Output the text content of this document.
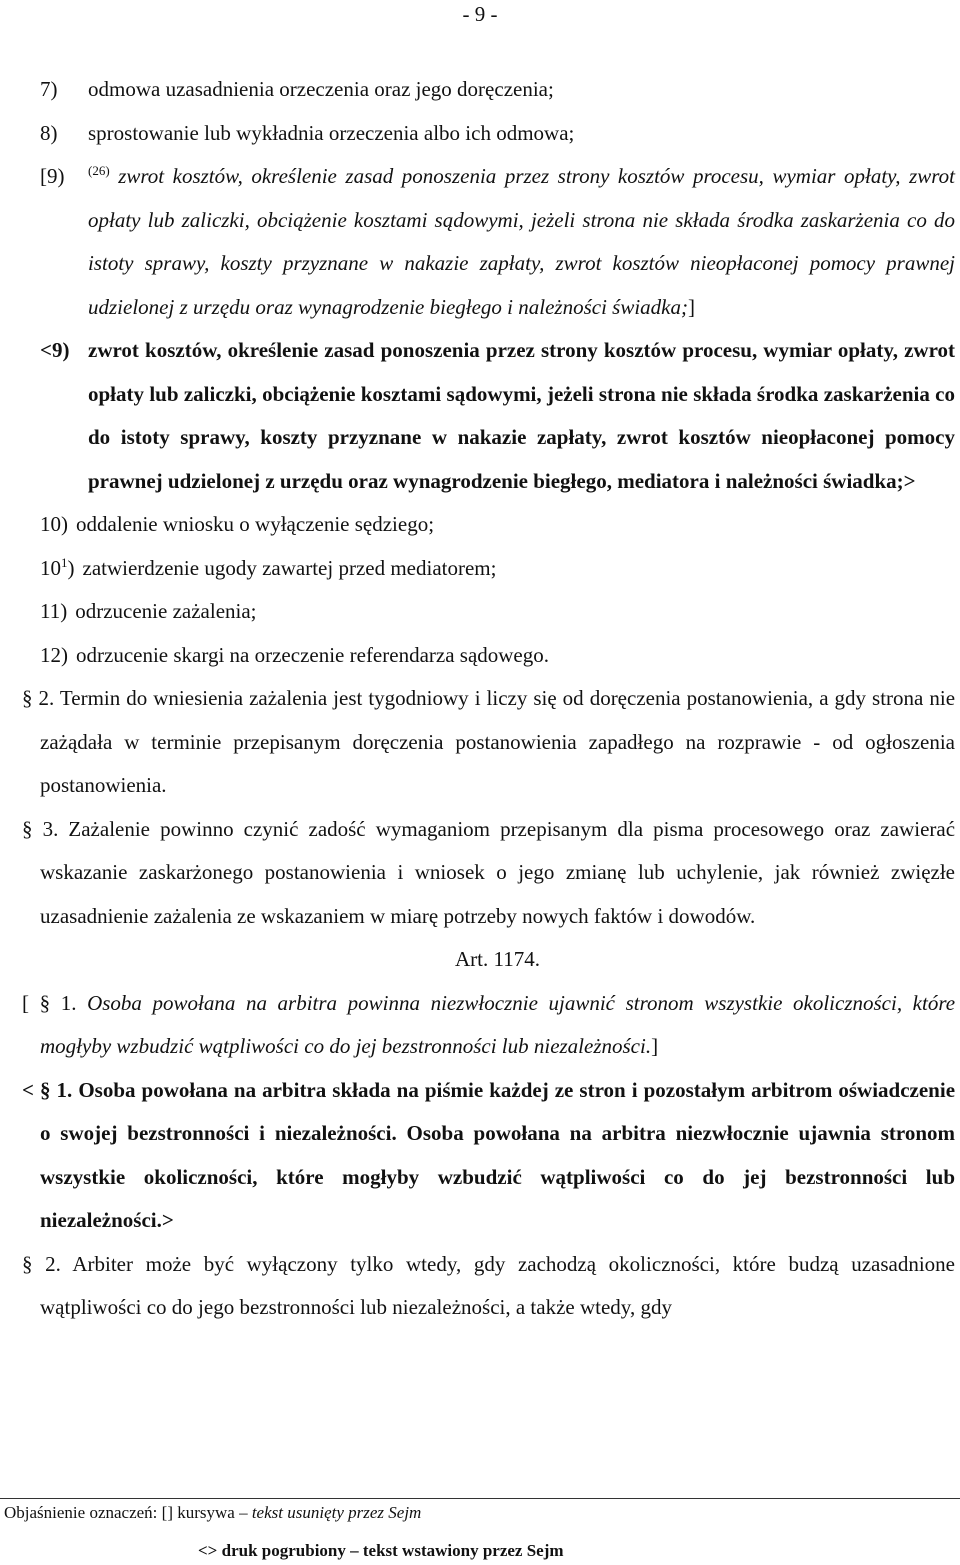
- 9 -
7)	odmowa uzasadnienia orzeczenia oraz jego doręczenia;
8)	sprostowanie lub wykładnia orzeczenia albo ich odmowa;
[9)	$^{(26)}$ zwrot kosztów, określenie zasad ponoszenia przez strony kosztów procesu, wymiar opłaty, zwrot opłaty lub zaliczki, obciążenie kosztami sądowymi, jeżeli strona nie składa środka zaskarżenia co do istoty sprawy, koszty przyznane w nakazie zapłaty, zwrot kosztów nieopłaconej pomocy prawnej udzielonej z urzędu oraz wynagrodzenie biegłego i należności świadka;]
<9) zwrot kosztów, określenie zasad ponoszenia przez strony kosztów procesu, wymiar opłaty, zwrot opłaty lub zaliczki, obciążenie kosztami sądowymi, jeżeli strona nie składa środka zaskarżenia co do istoty sprawy, koszty przyznane w nakazie zapłaty, zwrot kosztów nieopłaconej pomocy prawnej udzielonej z urzędu oraz wynagrodzenie biegłego, mediatora i należności świadka;>
10) oddalenie wniosku o wyłączenie sędziego;
$10^1$) zatwierdzenie ugody zawartej przed mediatorem;
11) odrzucenie zażalenia;
12) odrzucenie skargi na orzeczenie referendarza sądowego.

§ 2. Termin do wniesienia zażalenia jest tygodniowy i liczy się od doręczenia postanowienia, a gdy strona nie zażądała w terminie przepisanym doręczenia postanowienia zapadłego na rozprawie - od ogłoszenia postanowienia.

§ 3. Zażalenie powinno czynić zadość wymaganiom przepisanym dla pisma procesowego oraz zawierać wskazanie zaskarżonego postanowienia i wniosek o jego zmianę lub uchylenie, jak również zwięzłe uzasadnienie zażalenia ze wskazaniem w miarę potrzeby nowych faktów i dowodów.

Art. 1174.

[ § 1. Osoba powołana na arbitra powinna niezwłocznie ujawnić stronom wszystkie okoliczności, które mogłyby wzbudzić wątpliwości co do jej bezstronności lub niezależności.]

< § 1. Osoba powołana na arbitra składa na piśmie każdej ze stron i pozostałym arbitrom oświadczenie o swojej bezstronności i niezależności. Osoba powołana na arbitra niezwłocznie ujawnia stronom wszystkie okoliczności, które mogłyby wzbudzić wątpliwości co do jej bezstronności lub niezależności.>

§ 2. Arbiter może być wyłączony tylko wtedy, gdy zachodzą okoliczności, które budzą uzasadnione wątpliwości co do jego bezstronności lub niezależności, a także wtedy, gdy

Objaśnienie oznaczeń: [] kursywa – tekst usunięty przez Sejm
<> druk pogrubiony – tekst wstawiony przez Sejm
